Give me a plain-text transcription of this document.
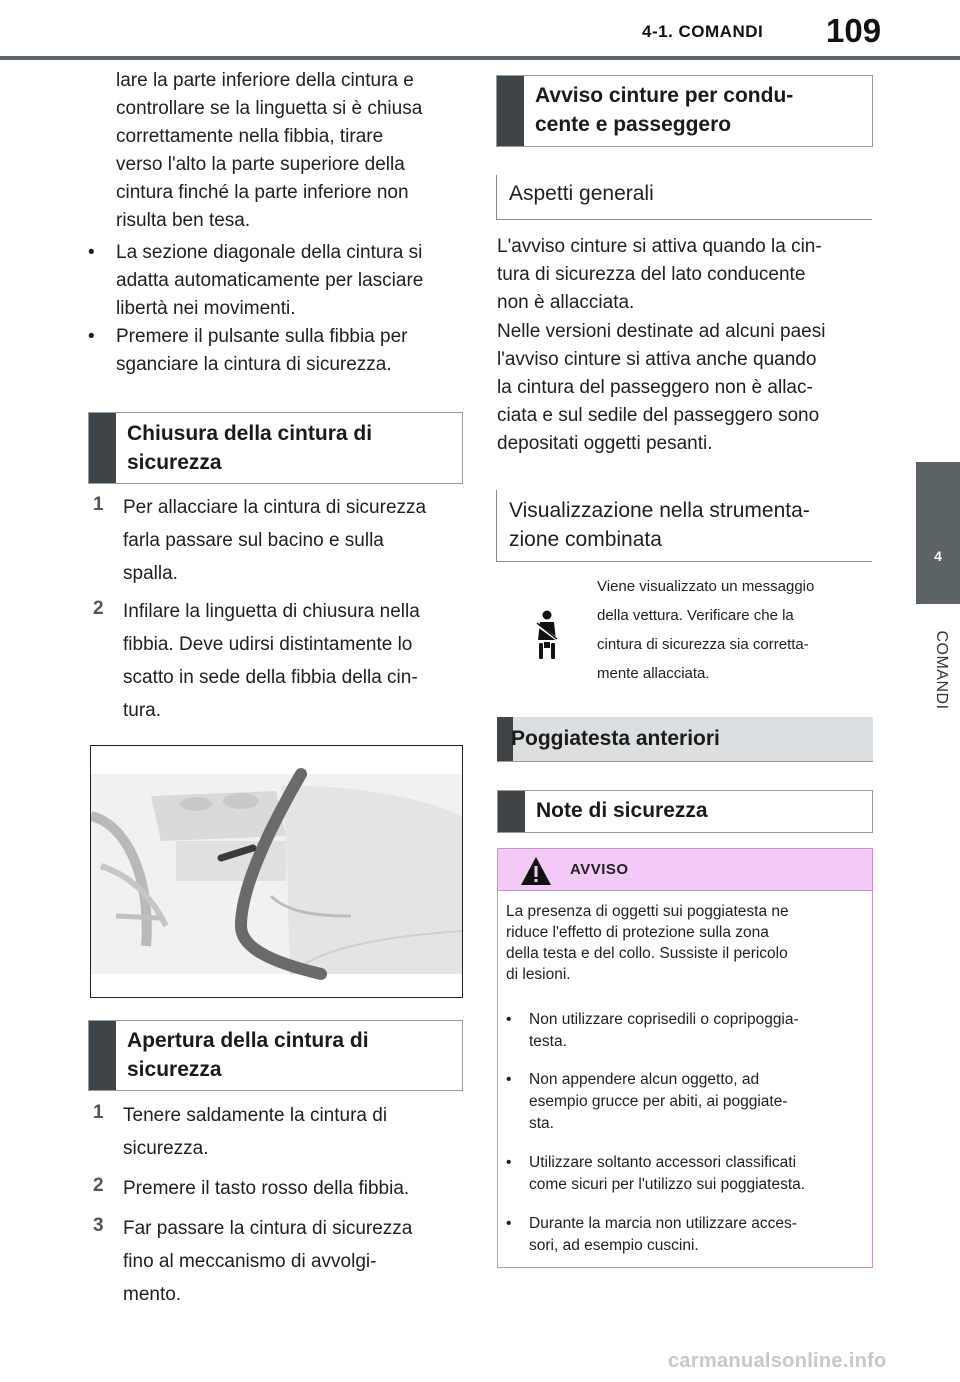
4-1. COMANDI 109
4
COMANDI
lare la parte inferiore della cintura e
controllare se la linguetta si è chiusa
correttamente nella fibbia, tirare
verso l'alto la parte superiore della
cintura finché la parte inferiore non
risulta ben tesa.
• La sezione diagonale della cintura si
adatta automaticamente per lasciare
libertà nei movimenti.
• Premere il pulsante sulla fibbia per
sganciare la cintura di sicurezza.
Chiusura della cintura di
sicurezza
1 Per allacciare la cintura di sicurezza
farla passare sul bacino e sulla
spalla.
2 Infilare la linguetta di chiusura nella
fibbia. Deve udirsi distintamente lo
scatto in sede della fibbia della cin-
tura.
Apertura della cintura di
sicurezza
1 Tenere saldamente la cintura di
sicurezza.
2 Premere il tasto rosso della fibbia.
3 Far passare la cintura di sicurezza
fino al meccanismo di avvolgi-
mento.
Avviso cinture per condu-
cente e passeggero
Aspetti generali
L'avviso cinture si attiva quando la cin-
tura di sicurezza del lato conducente
non è allacciata.
Nelle versioni destinate ad alcuni paesi
l'avviso cinture si attiva anche quando
la cintura del passeggero non è allac-
ciata e sul sedile del passeggero sono
depositati oggetti pesanti.
Visualizzazione nella strumenta-
zione combinata
Viene visualizzato un messaggio
della vettura. Verificare che la
cintura di sicurezza sia corretta-
mente allacciata.
Poggiatesta anteriori
Note di sicurezza
AVVISO
La presenza di oggetti sui poggiatesta ne
riduce l'effetto di protezione sulla zona
della testa e del collo. Sussiste il pericolo
di lesioni.
• Non utilizzare coprisedili o copripoggia-
testa.
• Non appendere alcun oggetto, ad
esempio grucce per abiti, ai poggiate-
sta.
• Utilizzare soltanto accessori classificati
come sicuri per l'utilizzo sui poggiatesta.
• Durante la marcia non utilizzare acces-
sori, ad esempio cuscini.
carmanualsonline.info
